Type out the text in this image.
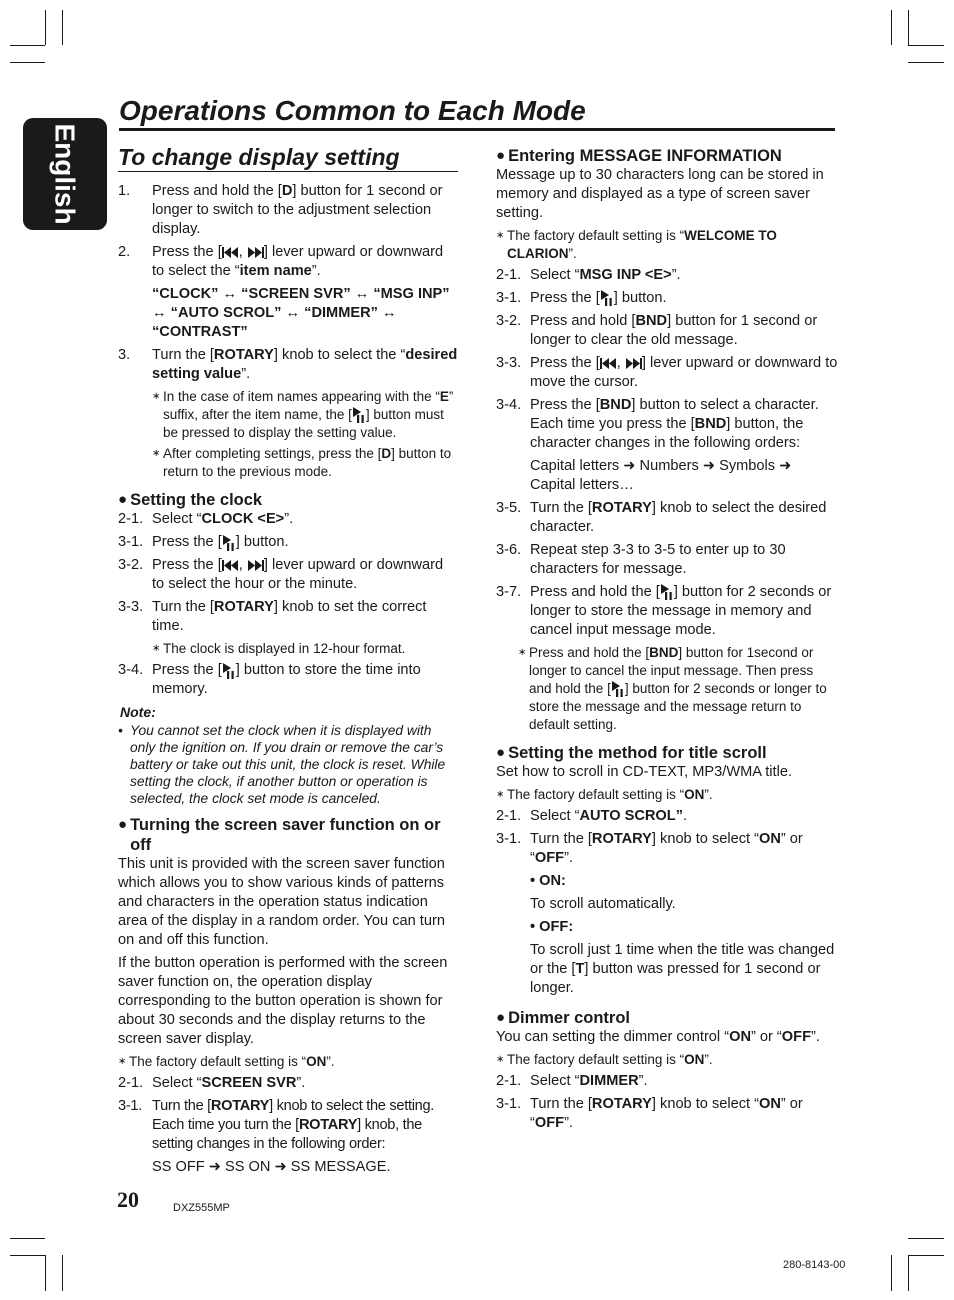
English
Operations Common to Each Mode
To change display setting
1.	Press and hold the [D] button for 1 second or longer to switch to the adjustment selection display.
2.	Press the [ , ] lever upward or downward to select the “item name”.

“CLOCK” ↔ “SCREEN SVR” ↔ “MSG INP” ↔ “AUTO SCROL” ↔ “DIMMER” ↔ “CONTRAST”

3.	Turn the [ROTARY] knob to select the “desired setting value”.
∗ In the case of item names appearing with the “E” suffix, after the item name, the [ ] button must be pressed to display the setting value.
∗ After completing settings, press the [D] button to return to the previous mode.
● Setting the clock
2-1. Select “CLOCK <E>”.
3-1. Press the [ ] button.
3-2. Press the [ , ] lever upward or downward to select the hour or the minute.
3-3. Turn the [ROTARY] knob to set the correct time.
∗ The clock is displayed in 12-hour format.
3-4. Press the [ ] button to store the time into memory.
Note:
• You cannot set the clock when it is displayed with only the ignition on. If you drain or remove the car’s battery or take out this unit, the clock is reset. While setting the clock, if another button or operation is selected, the clock set mode is canceled.
● Turning the screen saver function on or off

This unit is provided with the screen saver function which allows you to show various kinds of patterns and characters in the operation status indication area of the display in a random order. You can turn on and off this function.

If the button operation is performed with the screen saver function on, the operation display corresponding to the button operation is shown for about 30 seconds and the display returns to the screen saver display.

∗ The factory default setting is “ON”.
2-1. Select “SCREEN SVR”.
3-1. Turn the [ROTARY] knob to select the setting. Each time you turn the [ROTARY] knob, the setting changes in the following order:

SS OFF ➜ SS ON ➜ SS MESSAGE.

● Entering MESSAGE INFORMATION

Message up to 30 characters long can be stored in memory and displayed as a type of screen saver setting.

∗ The factory default setting is “WELCOME TO CLARION”.
2-1. Select “MSG INP <E>”.
3-1. Press the [ ] button.
3-2. Press and hold [BND] button for 1 second or longer to clear the old message.
3-3. Press the [ , ] lever upward or downward to move the cursor.
3-4. Press the [BND] button to select a character. Each time you press the [BND] button, the character changes in the following orders:

Capital letters ➜ Numbers ➜ Symbols ➜ Capital letters…

3-5. Turn the [ROTARY] knob to select the desired character.
3-6. Repeat step 3-3 to 3-5 to enter up to 30 characters for message.
3-7. Press and hold the [ ] button for 2 seconds or longer to store the message in memory and cancel input message mode.
∗ Press and hold the [BND] button for 1second or longer to cancel the input message. Then press and hold the [ ] button for 2 seconds or longer to store the message and the message return to default setting.
● Setting the method for title scroll

Set how to scroll in CD-TEXT, MP3/WMA title.

∗ The factory default setting is “ON”.
2-1. Select “AUTO SCROL”.
3-1. Turn the [ROTARY] knob to select “ON” or “OFF”.

• ON:

To scroll automatically.

• OFF:

To scroll just 1 time when the title was changed or the [T] button was pressed for 1 second or longer.

● Dimmer control

You can setting the dimmer control “ON” or “OFF”.

∗ The factory default setting is “ON”.
2-1. Select “DIMMER”.
3-1. Turn the [ROTARY] knob to select “ON” or “OFF”.
20	DXZ555MP
280-8143-00
